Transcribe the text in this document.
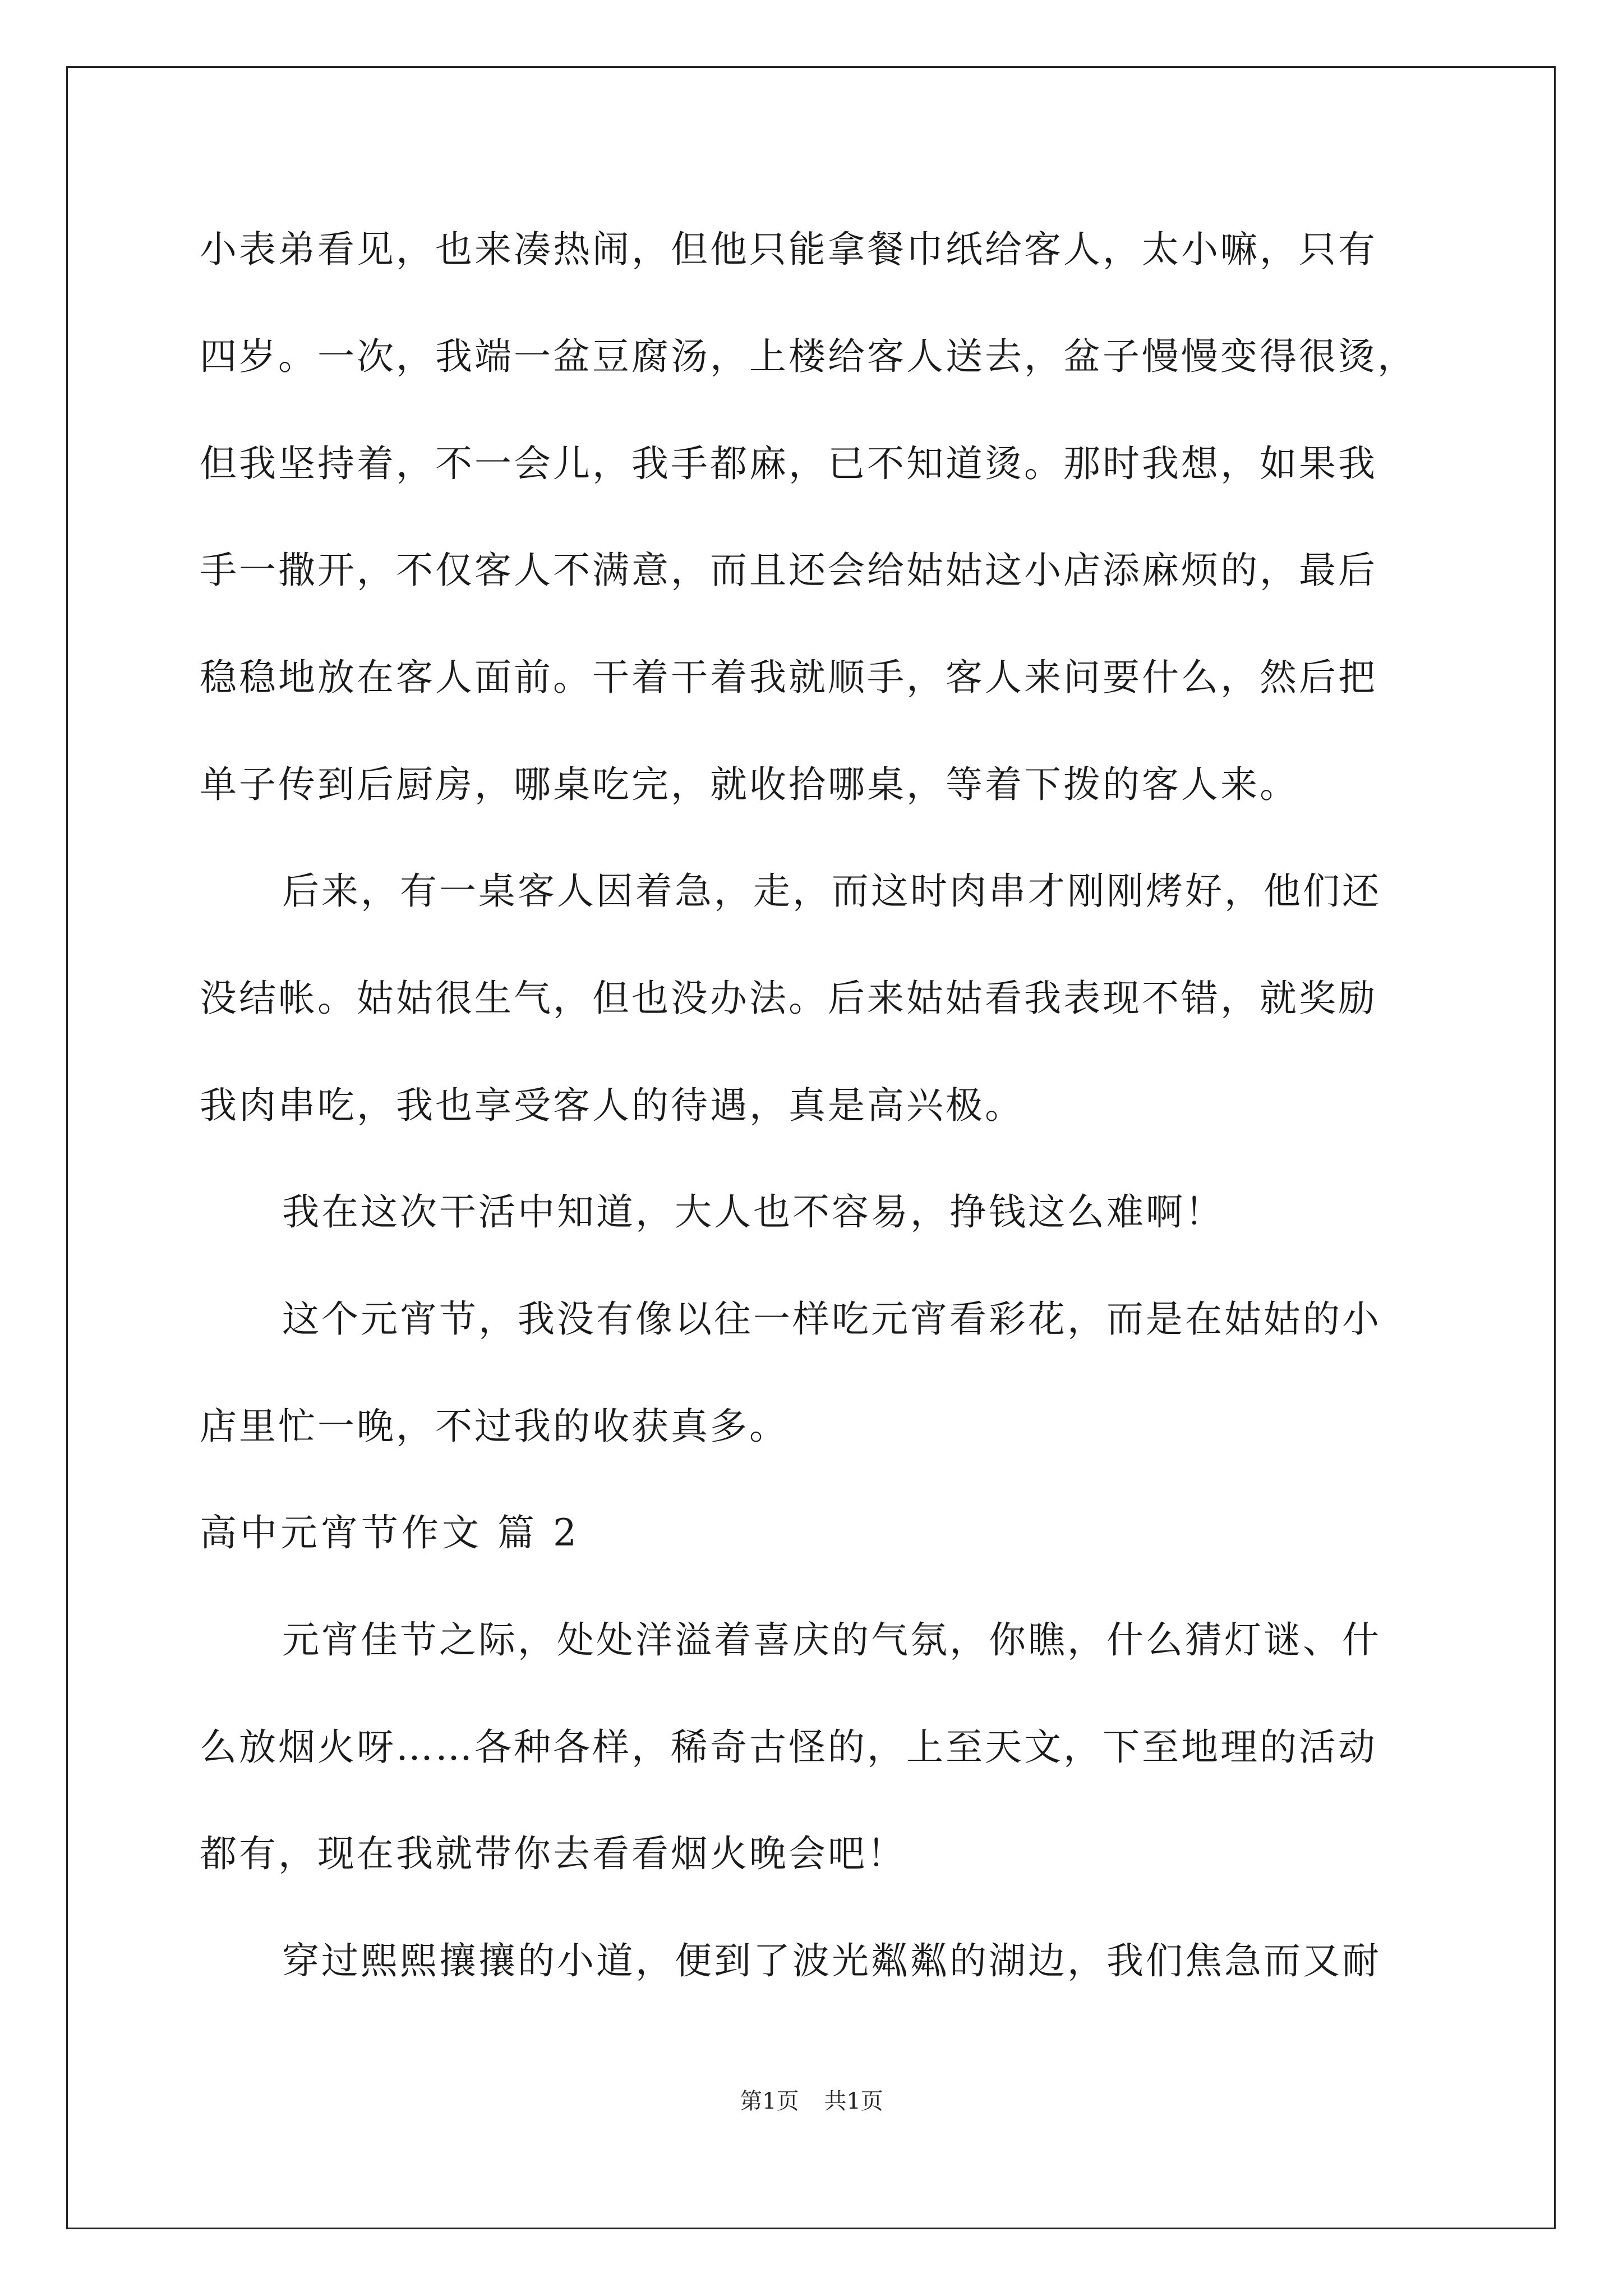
小表弟看见，也来凑热闹，但他只能拿餐巾纸给客人，太小嘛，只有
四岁。一次，我端一盆豆腐汤，上楼给客人送去，盆子慢慢变得很烫，
但我坚持着，不一会儿，我手都麻，已不知道烫。那时我想，如果我
手一撒开，不仅客人不满意，而且还会给姑姑这小店添麻烦的，最后
稳稳地放在客人面前。干着干着我就顺手，客人来问要什么，然后把
单子传到后厨房，哪桌吃完，就收拾哪桌，等着下拨的客人来。
后来，有一桌客人因着急，走，而这时肉串才刚刚烤好，他们还
没结帐。姑姑很生气，但也没办法。后来姑姑看我表现不错，就奖励
我肉串吃，我也享受客人的待遇，真是高兴极。
我在这次干活中知道，大人也不容易，挣钱这么难啊！
这个元宵节，我没有像以往一样吃元宵看彩花，而是在姑姑的小
店里忙一晚，不过我的收获真多。
高中元宵节作文 篇 2
元宵佳节之际，处处洋溢着喜庆的气氛，你瞧，什么猜灯谜、什
么放烟火呀……各种各样，稀奇古怪的，上至天文，下至地理的活动
都有，现在我就带你去看看烟火晚会吧！
穿过熙熙攘攘的小道，便到了波光粼粼的湖边，我们焦急而又耐
第1页 共1页
